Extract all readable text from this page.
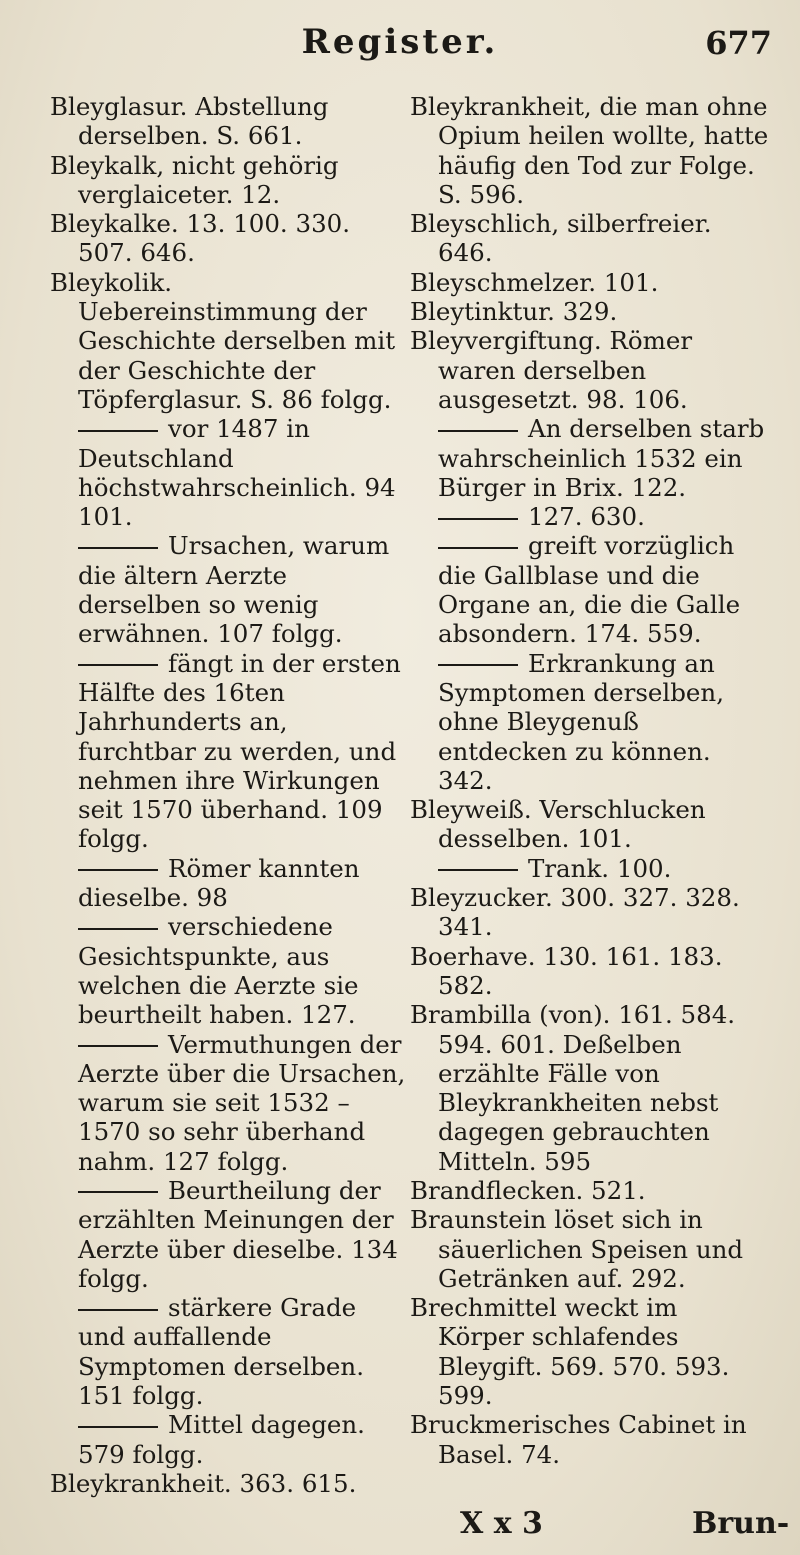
Register.	677

Bleyglasur. Abstellung derselben. S. 661.

Bleykalk, nicht gehörig verglaiceter. 12.

Bleykalke. 13. 100. 330. 507. 646.

Bleykolik. Uebereinstimmung der Geschichte derselben mit der Geschichte der Töpferglasur. S. 86 folgg.

vor 1487 in Deutschland höchstwahrscheinlich. 94 101.

Ursachen, warum die ältern Aerzte derselben so wenig erwähnen. 107 folgg.

fängt in der ersten Hälfte des 16ten Jahrhunderts an, furchtbar zu werden, und nehmen ihre Wirkungen seit 1570 überhand. 109 folgg.

Römer kannten dieselbe. 98

verschiedene Gesichtspunkte, aus welchen die Aerzte sie beurtheilt haben. 127.

Vermuthungen der Aerzte über die Ursachen, warum sie seit 1532 – 1570 so sehr überhand nahm. 127 folgg.

Beurtheilung der erzählten Meinungen der Aerzte über dieselbe. 134 folgg.

stärkere Grade und auffallende Symptomen derselben. 151 folgg.

Mittel dagegen. 579 folgg.

Bleykrankheit. 363. 615.

Bleykrankheit, die man ohne Opium heilen wollte, hatte häufig den Tod zur Folge. S. 596.

Bleyschlich, silberfreier. 646.

Bleyschmelzer. 101.

Bleytinktur. 329.

Bleyvergiftung. Römer waren derselben ausgesetzt. 98. 106.

An derselben starb wahrscheinlich 1532 ein Bürger in Brix. 122.

127. 630.

greift vorzüglich die Gallblase und die Organe an, die die Galle absondern. 174. 559.

Erkrankung an Symptomen derselben, ohne Bleygenuß entdecken zu können. 342.

Bleyweiß. Verschlucken desselben. 101.

Trank. 100.

Bleyzucker. 300. 327. 328. 341.

Boerhave. 130. 161. 183. 582.

Brambilla (von). 161. 584. 594. 601. Deßelben erzählte Fälle von Bleykrankheiten nebst dagegen gebrauchten Mitteln. 595

Brandflecken. 521.

Braunstein löset sich in säuerlichen Speisen und Getränken auf. 292.

Brechmittel weckt im Körper schlafendes Bleygift. 569. 570. 593. 599.

Bruckmerisches Cabinet in Basel. 74.

X x 3	Brun-
